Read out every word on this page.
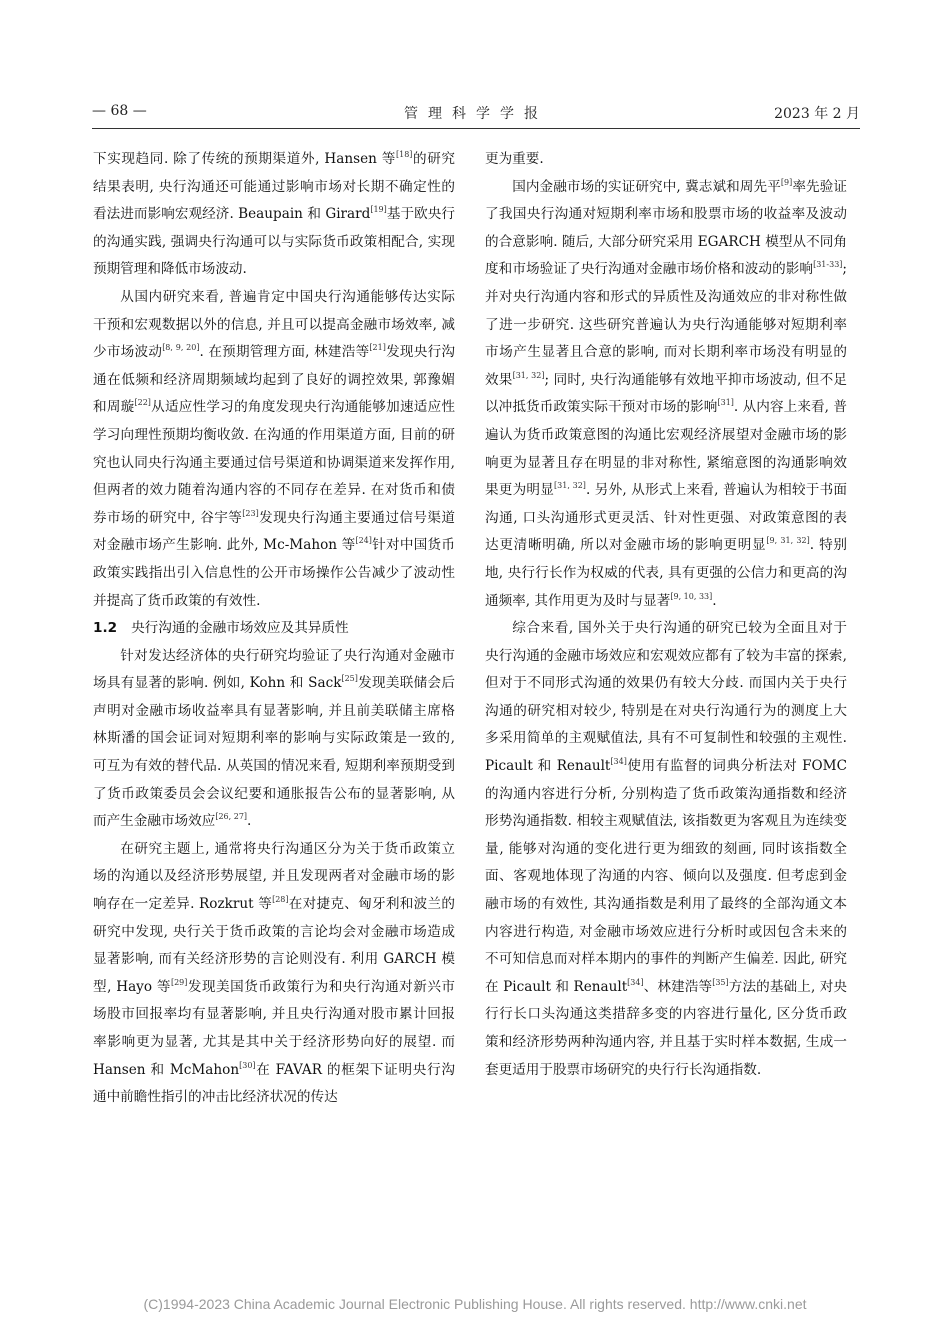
— 68 —	管理科学学报	2023 年 2 月

下实现趋同. 除了传统的预期渠道外, Hansen 等[18]的研究结果表明, 央行沟通还可能通过影响市场对长期不确定性的看法进而影响宏观经济. Beaupain 和 Girard[19]基于欧央行的沟通实践, 强调央行沟通可以与实际货币政策相配合, 实现预期管理和降低市场波动.

从国内研究来看, 普遍肯定中国央行沟通能够传达实际干预和宏观数据以外的信息, 并且可以提高金融市场效率, 减少市场波动[8, 9, 20]. 在预期管理方面, 林建浩等[21]发现央行沟通在低频和经济周期频域均起到了良好的调控效果, 郭豫媚和周璇[22]从适应性学习的角度发现央行沟通能够加速适应性学习向理性预期均衡收敛. 在沟通的作用渠道方面, 目前的研究也认同央行沟通主要通过信号渠道和协调渠道来发挥作用, 但两者的效力随着沟通内容的不同存在差异. 在对货币和债券市场的研究中, 谷宇等[23]发现央行沟通主要通过信号渠道对金融市场产生影响. 此外, Mc-Mahon 等[24]针对中国货币政策实践指出引入信息性的公开市场操作公告减少了波动性并提高了货币政策的有效性.

1.2 央行沟通的金融市场效应及其异质性

针对发达经济体的央行研究均验证了央行沟通对金融市场具有显著的影响. 例如, Kohn 和 Sack[25]发现美联储会后声明对金融市场收益率具有显著影响, 并且前美联储主席格林斯潘的国会证词对短期利率的影响与实际政策是一致的, 可互为有效的替代品. 从英国的情况来看, 短期利率预期受到了货币政策委员会会议纪要和通胀报告公布的显著影响, 从而产生金融市场效应[26, 27].

在研究主题上, 通常将央行沟通区分为关于货币政策立场的沟通以及经济形势展望, 并且发现两者对金融市场的影响存在一定差异. Rozkrut 等[28]在对捷克、匈牙利和波兰的研究中发现, 央行关于货币政策的言论均会对金融市场造成显著影响, 而有关经济形势的言论则没有. 利用 GARCH 模型, Hayo 等[29]发现美国货币政策行为和央行沟通对新兴市场股市回报率均有显著影响, 并且央行沟通对股市累计回报率影响更为显著, 尤其是其中关于经济形势向好的展望. 而 Hansen 和 McMahon[30]在 FAVAR 的框架下证明央行沟通中前瞻性指引的冲击比经济状况的传达

更为重要.

国内金融市场的实证研究中, 冀志斌和周先平[9]率先验证了我国央行沟通对短期利率市场和股票市场的收益率及波动的合意影响. 随后, 大部分研究采用 EGARCH 模型从不同角度和市场验证了央行沟通对金融市场价格和波动的影响[31-33]; 并对央行沟通内容和形式的异质性及沟通效应的非对称性做了进一步研究. 这些研究普遍认为央行沟通能够对短期利率市场产生显著且合意的影响, 而对长期利率市场没有明显的效果[31, 32]; 同时, 央行沟通能够有效地平抑市场波动, 但不足以冲抵货币政策实际干预对市场的影响[31]. 从内容上来看, 普遍认为货币政策意图的沟通比宏观经济展望对金融市场的影响更为显著且存在明显的非对称性, 紧缩意图的沟通影响效果更为明显[31, 32]. 另外, 从形式上来看, 普遍认为相较于书面沟通, 口头沟通形式更灵活、针对性更强、对政策意图的表达更清晰明确, 所以对金融市场的影响更明显[9, 31, 32]. 特别地, 央行行长作为权威的代表, 具有更强的公信力和更高的沟通频率, 其作用更为及时与显著[9, 10, 33].

综合来看, 国外关于央行沟通的研究已较为全面且对于央行沟通的金融市场效应和宏观效应都有了较为丰富的探索, 但对于不同形式沟通的效果仍有较大分歧. 而国内关于央行沟通的研究相对较少, 特别是在对央行沟通行为的测度上大多采用简单的主观赋值法, 具有不可复制性和较强的主观性. Picault 和 Renault[34]使用有监督的词典分析法对 FOMC 的沟通内容进行分析, 分别构造了货币政策沟通指数和经济形势沟通指数. 相较主观赋值法, 该指数更为客观且为连续变量, 能够对沟通的变化进行更为细致的刻画, 同时该指数全面、客观地体现了沟通的内容、倾向以及强度. 但考虑到金融市场的有效性, 其沟通指数是利用了最终的全部沟通文本内容进行构造, 对金融市场效应进行分析时或因包含未来的不可知信息而对样本期内的事件的判断产生偏差. 因此, 研究在 Picault 和 Renault[34]、林建浩等[35]方法的基础上, 对央行行长口头沟通这类措辞多变的内容进行量化, 区分货币政策和经济形势两种沟通内容, 并且基于实时样本数据, 生成一套更适用于股票市场研究的央行行长沟通指数.

(C)1994-2023 China Academic Journal Electronic Publishing House. All rights reserved. http://www.cnki.net
